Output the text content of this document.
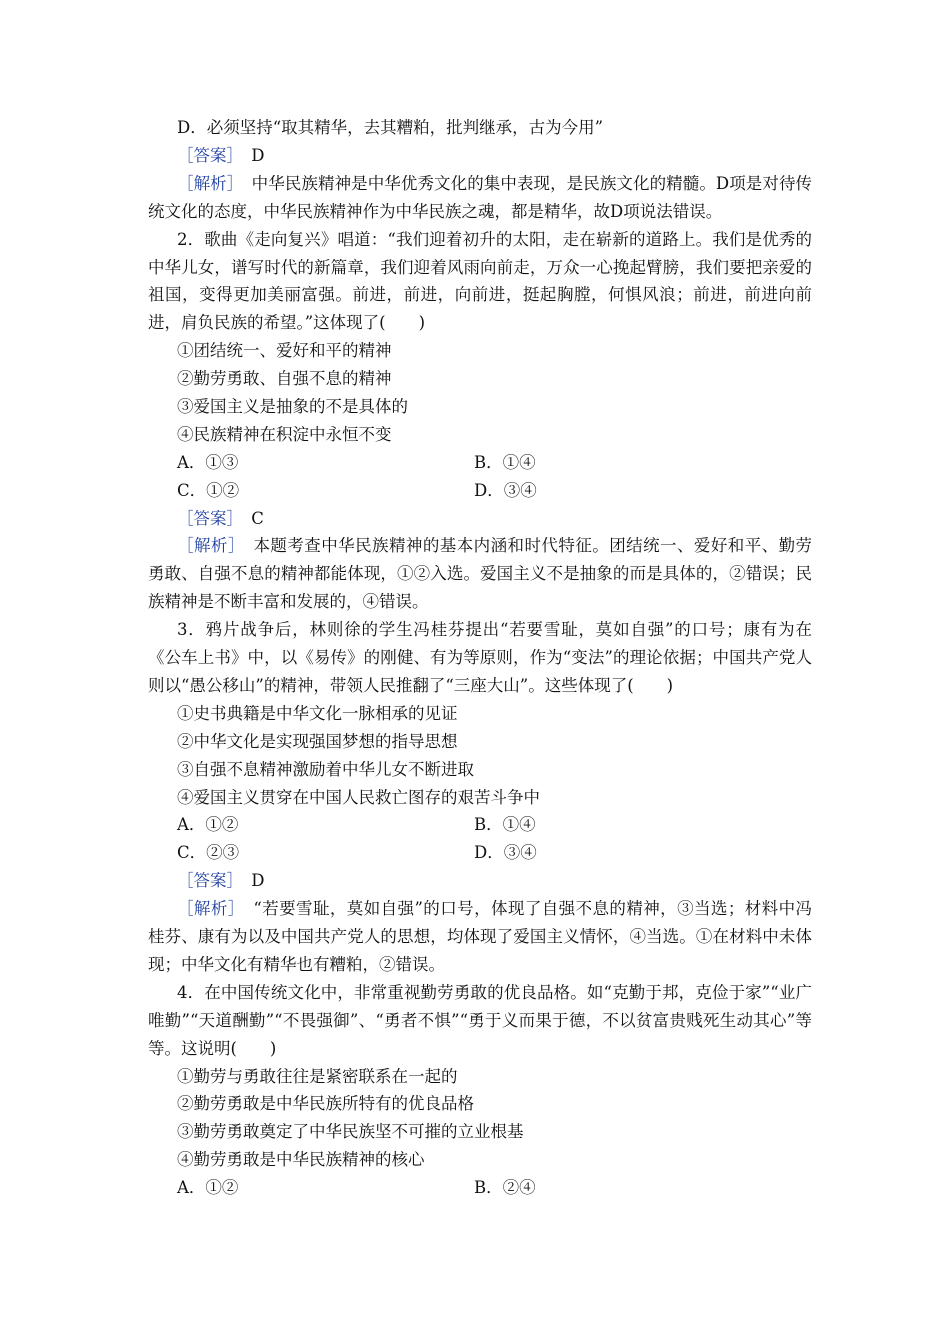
D．必须坚持“取其精华，去其糟粕，批判继承，古为今用”
［答案］　 D
［解析］　 中华民族精神是中华优秀文化的集中表现，是民族文化的精髓。D项是对待传统文化的态度，中华民族精神作为中华民族之魂，都是精华，故D项说法错误。
2．歌曲《走向复兴》唱道：“我们迎着初升的太阳，走在崭新的道路上。我们是优秀的中华儿女，谱写时代的新篇章，我们迎着风雨向前走，万众一心挽起臂膀，我们要把亲爱的祖国，变得更加美丽富强。前进，前进，向前进，挺起胸膛，何惧风浪；前进，前进向前进，肩负民族的希望。”这体现了(　　)
①团结统一、爱好和平的精神
②勤劳勇敢、自强不息的精神
③爱国主义是抽象的不是具体的
④民族精神在积淀中永恒不变
A．①③	B．①④
C．①②	D．③④
［答案］　 C
［解析］　 本题考查中华民族精神的基本内涵和时代特征。团结统一、爱好和平、勤劳勇敢、自强不息的精神都能体现，①②入选。爱国主义不是抽象的而是具体的，②错误；民族精神是不断丰富和发展的，④错误。
3．鸦片战争后，林则徐的学生冯桂芬提出“若要雪耻，莫如自强”的口号；康有为在《公车上书》中，以《易传》的刚健、有为等原则，作为“变法”的理论依据；中国共产党人则以“愚公移山”的精神，带领人民推翻了“三座大山”。这些体现了(　　)
①史书典籍是中华文化一脉相承的见证
②中华文化是实现强国梦想的指导思想
③自强不息精神激励着中华儿女不断进取
④爱国主义贯穿在中国人民救亡图存的艰苦斗争中
A．①②	B．①④
C．②③	D．③④
［答案］　 D
［解析］　 “若要雪耻，莫如自强”的口号，体现了自强不息的精神，③当选；材料中冯桂芬、康有为以及中国共产党人的思想，均体现了爱国主义情怀，④当选。①在材料中未体现；中华文化有精华也有糟粕，②错误。
4．在中国传统文化中，非常重视勤劳勇敢的优良品格。如“克勤于邦，克俭于家”“业广唯勤”“天道酬勤”“不畏强御”、“勇者不惧”“勇于义而果于德，不以贫富贵贱死生动其心”等等。这说明(　　)
①勤劳与勇敢往往是紧密联系在一起的
②勤劳勇敢是中华民族所特有的优良品格
③勤劳勇敢奠定了中华民族坚不可摧的立业根基
④勤劳勇敢是中华民族精神的核心
A．①②	B．②④
